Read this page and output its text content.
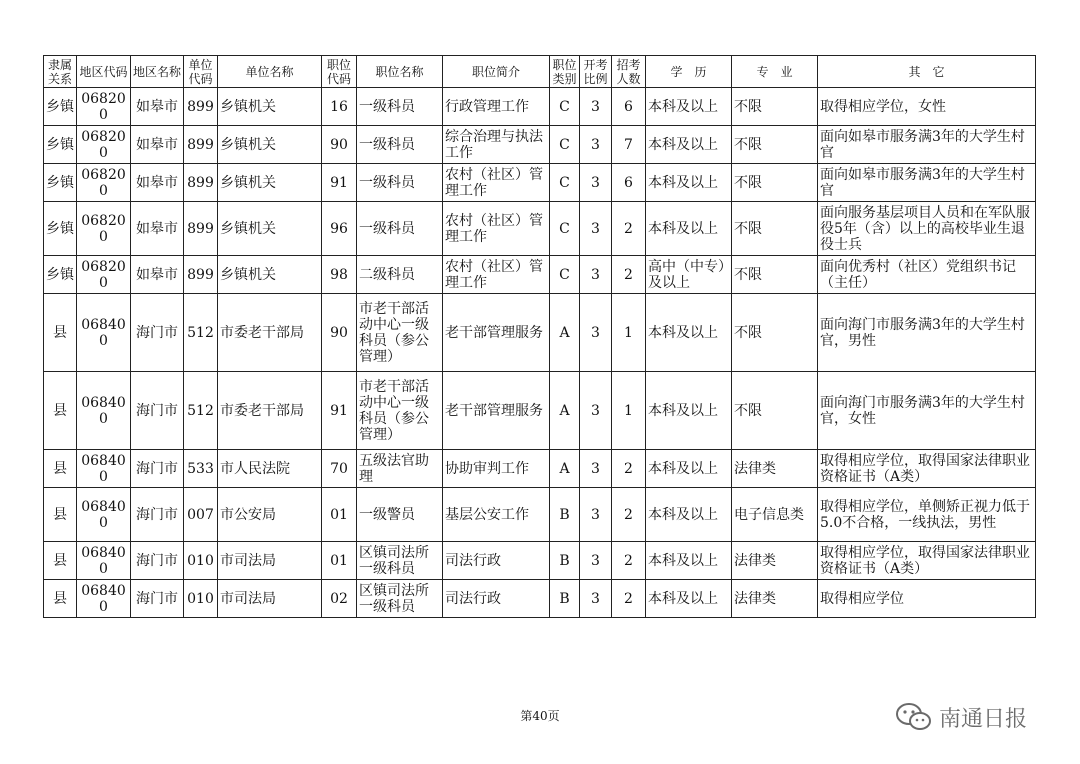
隶属关系	地区代码	地区名称	单位代码	单位名称	职位代码	职位名称	职位简介	职位类别	开考比例	招考人数	学　历	专　业	其　它
乡镇	068200	如皋市	899	乡镇机关	16	一级科员	行政管理工作	C	3	6	本科及以上	不限	取得相应学位，女性
乡镇	068200	如皋市	899	乡镇机关	90	一级科员	综合治理与执法工作	C	3	7	本科及以上	不限	面向如皋市服务满3年的大学生村官
乡镇	068200	如皋市	899	乡镇机关	91	一级科员	农村（社区）管理工作	C	3	6	本科及以上	不限	面向如皋市服务满3年的大学生村官
乡镇	068200	如皋市	899	乡镇机关	96	一级科员	农村（社区）管理工作	C	3	2	本科及以上	不限	面向服务基层项目人员和在军队服役5年（含）以上的高校毕业生退役士兵
乡镇	068200	如皋市	899	乡镇机关	98	二级科员	农村（社区）管理工作	C	3	2	高中（中专）及以上	不限	面向优秀村（社区）党组织书记（主任）
县	068400	海门市	512	市委老干部局	90	市老干部活动中心一级科员（参公管理）	老干部管理服务	A	3	1	本科及以上	不限	面向海门市服务满3年的大学生村官，男性
县	068400	海门市	512	市委老干部局	91	市老干部活动中心一级科员（参公管理）	老干部管理服务	A	3	1	本科及以上	不限	面向海门市服务满3年的大学生村官，女性
县	068400	海门市	533	市人民法院	70	五级法官助理	协助审判工作	A	3	2	本科及以上	法律类	取得相应学位，取得国家法律职业资格证书（A类）
县	068400	海门市	007	市公安局	01	一级警员	基层公安工作	B	3	2	本科及以上	电子信息类	取得相应学位，单侧矫正视力低于5.0不合格，一线执法，男性
县	068400	海门市	010	市司法局	01	区镇司法所一级科员	司法行政	B	3	2	本科及以上	法律类	取得相应学位，取得国家法律职业资格证书（A类）
县	068400	海门市	010	市司法局	02	区镇司法所一级科员	司法行政	B	3	2	本科及以上	法律类	取得相应学位
第40页	南通日报
